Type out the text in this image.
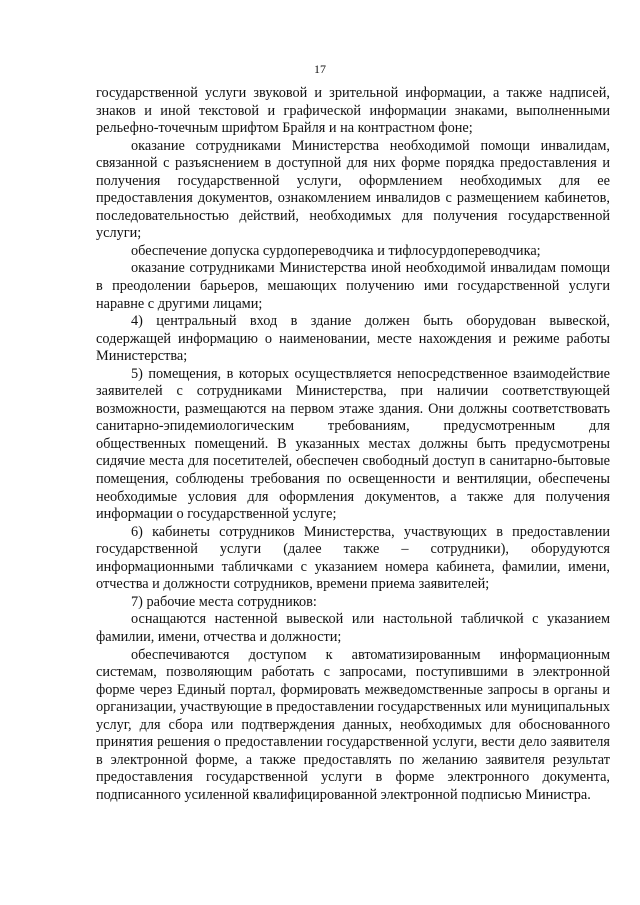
17

государственной услуги звуковой и зрительной информации, а также надписей, знаков и иной текстовой и графической информации знаками, выполненными рельефно-точечным шрифтом Брайля и на контрастном фоне;

оказание сотрудниками Министерства необходимой помощи инвалидам, связанной с разъяснением в доступной для них форме порядка предоставления и получения государственной услуги, оформлением необходимых для ее предоставления документов, ознакомлением инвалидов с размещением кабинетов, последовательностью действий, необходимых для получения государственной услуги;

обеспечение допуска сурдопереводчика и тифлосурдопереводчика;

оказание сотрудниками Министерства иной необходимой инвалидам помощи в преодолении барьеров, мешающих получению ими государственной услуги наравне с другими лицами;

4) центральный вход в здание должен быть оборудован вывеской, содержащей информацию о наименовании, месте нахождения и режиме работы Министерства;

5) помещения, в которых осуществляется непосредственное взаимодействие заявителей с сотрудниками Министерства, при наличии соответствующей возможности, размещаются на первом этаже здания. Они должны соответствовать санитарно-эпидемиологическим требованиям, предусмотренным для общественных помещений. В указанных местах должны быть предусмотрены сидячие места для посетителей, обеспечен свободный доступ в санитарно-бытовые помещения, соблюдены требования по освещенности и вентиляции, обеспечены необходимые условия для оформления документов, а также для получения информации о государственной услуге;

6) кабинеты сотрудников Министерства, участвующих в предоставлении государственной услуги (далее также – сотрудники), оборудуются информационными табличками с указанием номера кабинета, фамилии, имени, отчества и должности сотрудников, времени приема заявителей;

7) рабочие места сотрудников:

оснащаются настенной вывеской или настольной табличкой с указанием фамилии, имени, отчества и должности;

обеспечиваются доступом к автоматизированным информационным системам, позволяющим работать с запросами, поступившими в электронной форме через Единый портал, формировать межведомственные запросы в органы и организации, участвующие в предоставлении государственных или муниципальных услуг, для сбора или подтверждения данных, необходимых для обоснованного принятия решения о предоставлении государственной услуги, вести дело заявителя в электронной форме, а также предоставлять по желанию заявителя результат предоставления государственной услуги в форме электронного документа, подписанного усиленной квалифицированной электронной подписью Министра.
